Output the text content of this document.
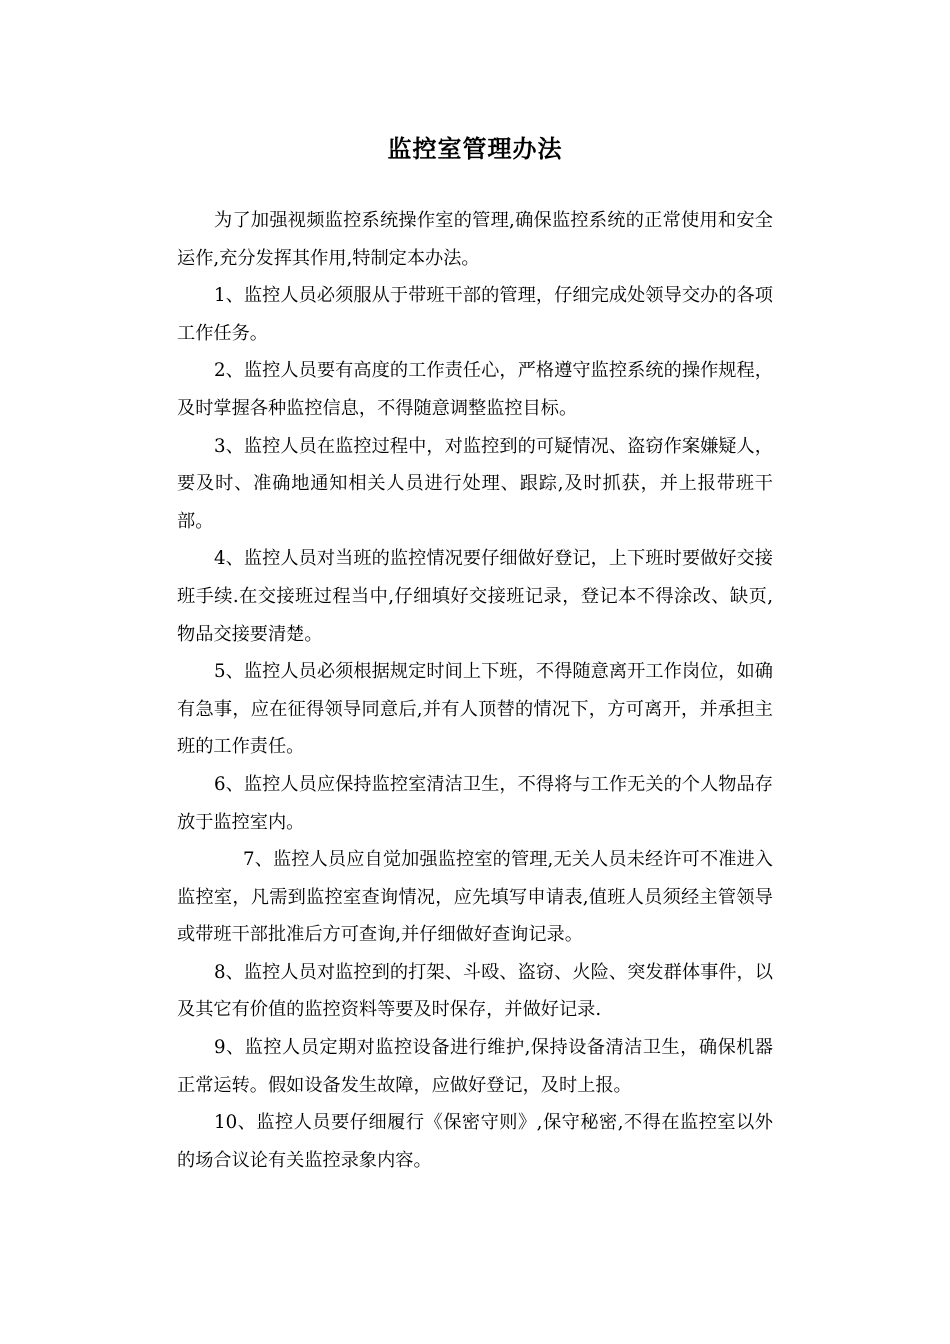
监控室管理办法

为了加强视频监控系统操作室的管理,确保监控系统的正常使用和安全运作,充分发挥其作用,特制定本办法。

1、监控人员必须服从于带班干部的管理，仔细完成处领导交办的各项工作任务。

2、监控人员要有高度的工作责任心，严格遵守监控系统的操作规程，及时掌握各种监控信息，不得随意调整监控目标。

3、监控人员在监控过程中，对监控到的可疑情况、盗窃作案嫌疑人，要及时、准确地通知相关人员进行处理、跟踪,及时抓获，并上报带班干部。

4、监控人员对当班的监控情况要仔细做好登记，上下班时要做好交接班手续.在交接班过程当中,仔细填好交接班记录，登记本不得涂改、缺页,物品交接要清楚。

5、监控人员必须根据规定时间上下班，不得随意离开工作岗位，如确有急事，应在征得领导同意后,并有人顶替的情况下，方可离开，并承担主班的工作责任。

6、监控人员应保持监控室清洁卫生，不得将与工作无关的个人物品存放于监控室内。

7、监控人员应自觉加强监控室的管理,无关人员未经许可不准进入监控室，凡需到监控室查询情况，应先填写申请表,值班人员须经主管领导或带班干部批准后方可查询,并仔细做好查询记录。

8、监控人员对监控到的打架、斗殴、盗窃、火险、突发群体事件，以及其它有价值的监控资料等要及时保存，并做好记录.

9、监控人员定期对监控设备进行维护,保持设备清洁卫生，确保机器正常运转。假如设备发生故障，应做好登记，及时上报。

10、监控人员要仔细履行《保密守则》,保守秘密,不得在监控室以外的场合议论有关监控录象内容。
